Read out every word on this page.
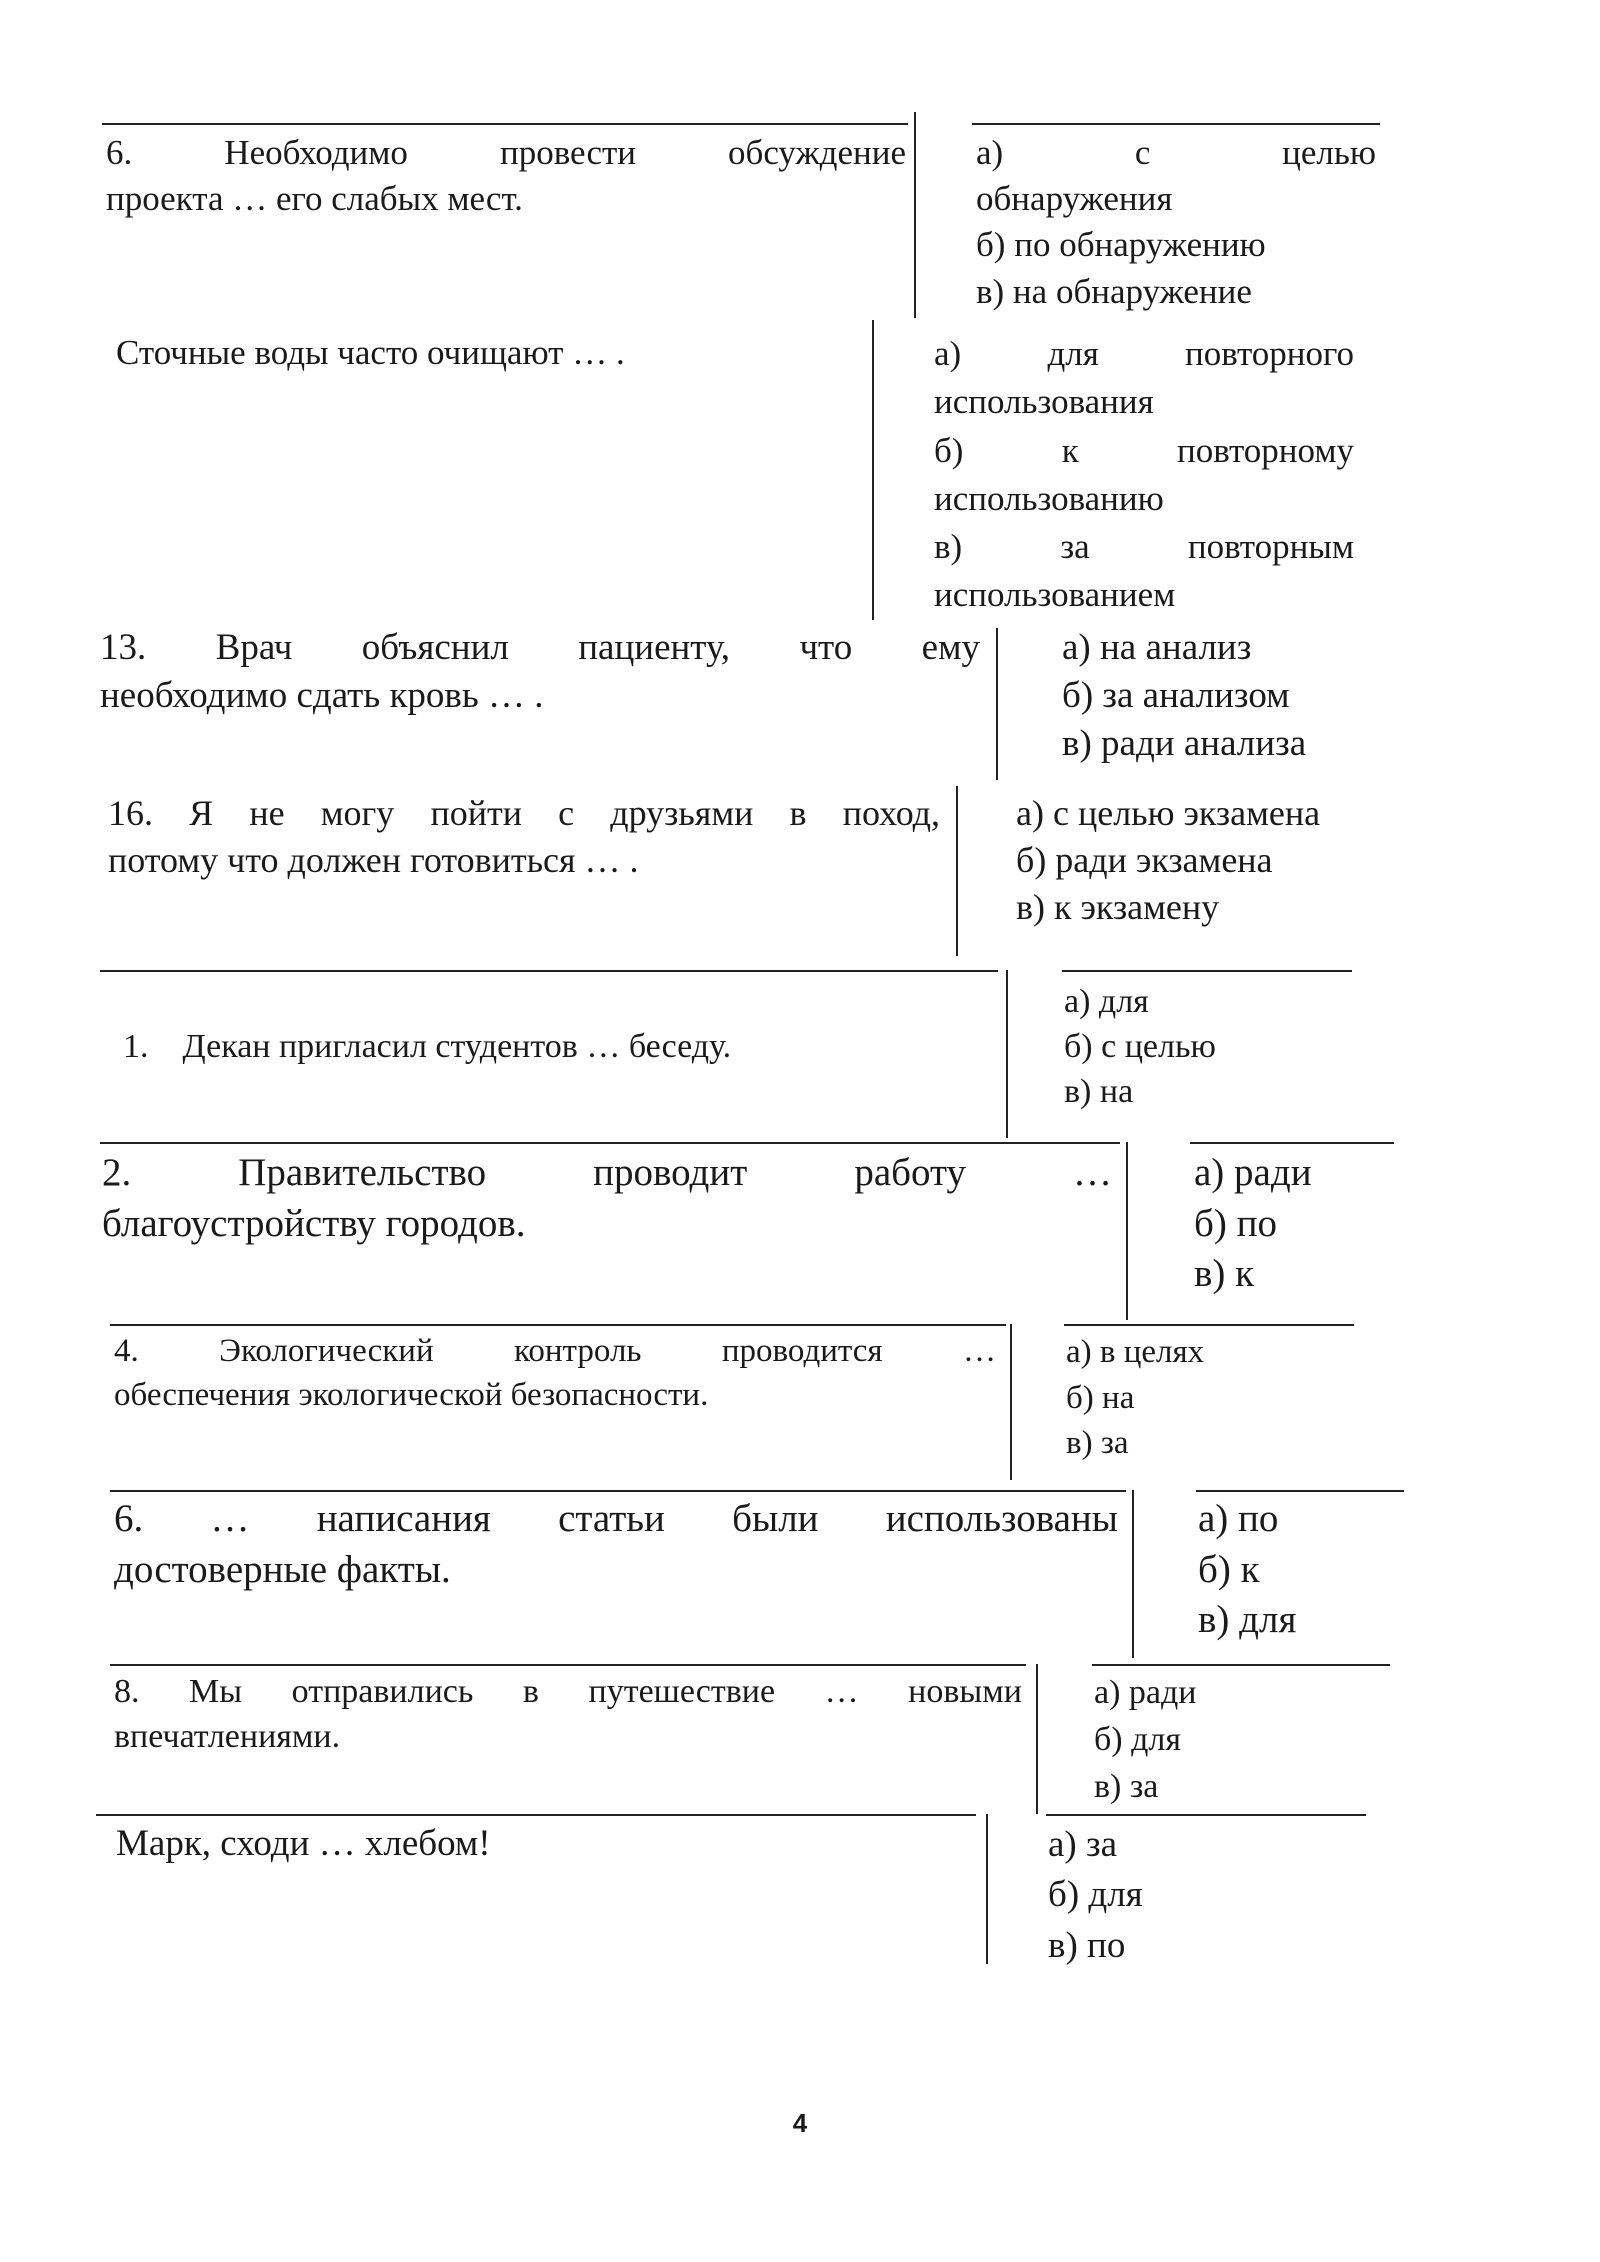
6. Необходимо провести обсуждение
проекта … его слабых мест.
а) с целью
обнаружения
б) по обнаружению
в) на обнаружение
Сточные воды часто очищают … .	а) для повторного
использования
б) к повторному
использованию
в) за повторным
использованием
13. Врач объяснил пациенту, что ему
необходимо сдать кровь … .
а) на анализ
б) за анализом
в) ради анализа
16. Я не могу пойти с друзьями в поход,
потому что должен готовиться … .
а) с целью экзамена
б) ради экзамена
в) к экзамену

1.    Декан пригласил студентов … беседу.

а) для
б) с целью
в) на
2. Правительство проводит работу …
благоустройству городов.
а) ради
б) по
в) к
4. Экологический контроль проводится …
обеспечения экологической безопасности.
а) в целях
б) на
в) за
6. … написания статьи были использованы
достоверные факты.
а) по
б) к
в) для
8. Мы отправились в путешествие … новыми
впечатлениями.
а) ради
б) для
в) за
Марк, сходи … хлебом!	а) за
б) для
в) по
4
